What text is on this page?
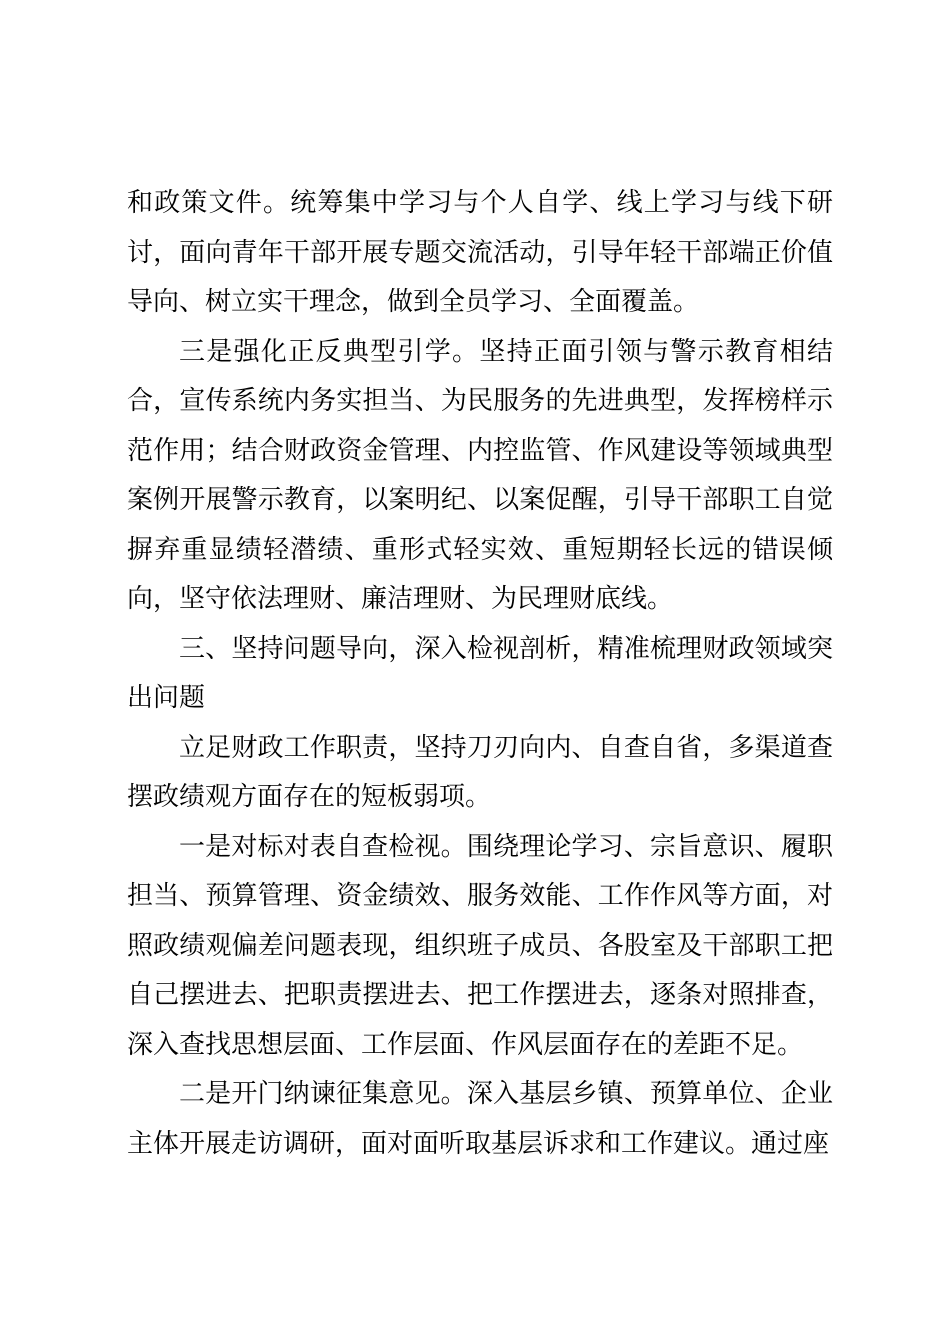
和政策文件。统筹集中学习与个人自学、线上学习与线下研讨，面向青年干部开展专题交流活动，引导年轻干部端正价值导向、树立实干理念，做到全员学习、全面覆盖。

三是强化正反典型引学。坚持正面引领与警示教育相结合，宣传系统内务实担当、为民服务的先进典型，发挥榜样示范作用；结合财政资金管理、内控监管、作风建设等领域典型案例开展警示教育，以案明纪、以案促醒，引导干部职工自觉摒弃重显绩轻潜绩、重形式轻实效、重短期轻长远的错误倾向，坚守依法理财、廉洁理财、为民理财底线。

三、坚持问题导向，深入检视剖析，精准梳理财政领域突出问题

立足财政工作职责，坚持刀刃向内、自查自省，多渠道查摆政绩观方面存在的短板弱项。

一是对标对表自查检视。围绕理论学习、宗旨意识、履职担当、预算管理、资金绩效、服务效能、工作作风等方面，对照政绩观偏差问题表现，组织班子成员、各股室及干部职工把自己摆进去、把职责摆进去、把工作摆进去，逐条对照排查，深入查找思想层面、工作层面、作风层面存在的差距不足。

二是开门纳谏征集意见。深入基层乡镇、预算单位、企业主体开展走访调研，面对面听取基层诉求和工作建议。通过座
